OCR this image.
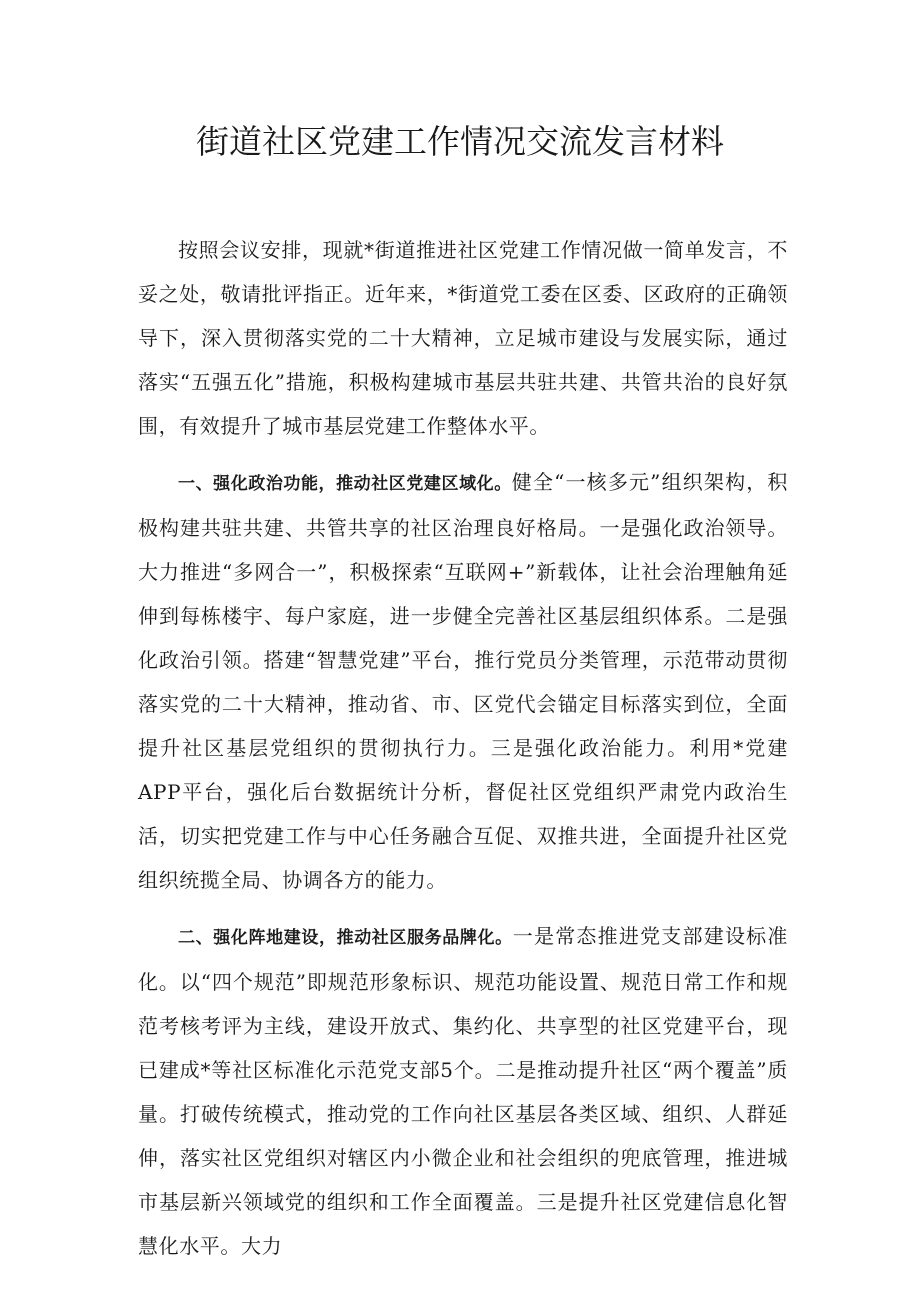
街道社区党建工作情况交流发言材料

按照会议安排，现就*街道推进社区党建工作情况做一简单发言，不妥之处，敬请批评指正。近年来，*街道党工委在区委、区政府的正确领导下，深入贯彻落实党的二十大精神，立足城市建设与发展实际，通过落实“五强五化”措施，积极构建城市基层共驻共建、共管共治的良好氛围，有效提升了城市基层党建工作整体水平。

一、强化政治功能，推动社区党建区域化。健全“一核多元”组织架构，积极构建共驻共建、共管共享的社区治理良好格局。一是强化政治领导。大力推进“多网合一”，积极探索“互联网+”新载体，让社会治理触角延伸到每栋楼宇、每户家庭，进一步健全完善社区基层组织体系。二是强化政治引领。搭建“智慧党建”平台，推行党员分类管理，示范带动贯彻落实党的二十大精神，推动省、市、区党代会锚定目标落实到位，全面提升社区基层党组织的贯彻执行力。三是强化政治能力。利用*党建APP平台，强化后台数据统计分析，督促社区党组织严肃党内政治生活，切实把党建工作与中心任务融合互促、双推共进，全面提升社区党组织统揽全局、协调各方的能力。

二、强化阵地建设，推动社区服务品牌化。一是常态推进党支部建设标准化。以“四个规范”即规范形象标识、规范功能设置、规范日常工作和规范考核考评为主线，建设开放式、集约化、共享型的社区党建平台，现已建成*等社区标准化示范党支部5个。二是推动提升社区“两个覆盖”质量。打破传统模式，推动党的工作向社区基层各类区域、组织、人群延伸，落实社区党组织对辖区内小微企业和社会组织的兜底管理，推进城市基层新兴领域党的组织和工作全面覆盖。三是提升社区党建信息化智慧化水平。大力
